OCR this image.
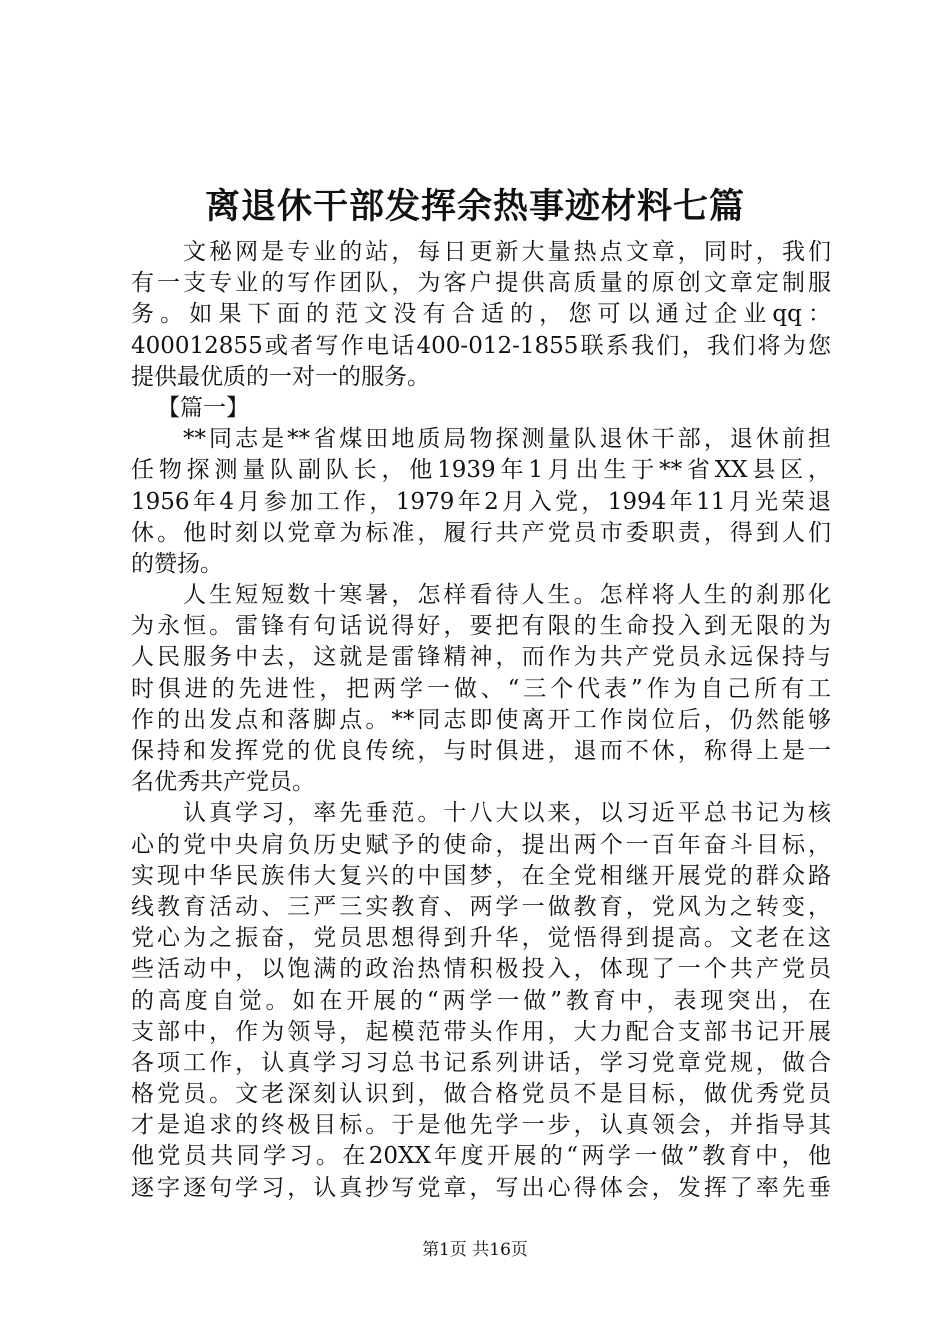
离退休干部发挥余热事迹材料七篇
文秘网是专业的站，每日更新大量热点文章，同时，我们
有一支专业的写作团队，为客户提供高质量的原创文章定制服
务。如果下面的范文没有合适的，您可以通过企业qq：
400012855或者写作电话400-012-1855联系我们，我们将为您
提供最优质的一对一的服务。
【篇一】
**同志是**省煤田地质局物探测量队退休干部，退休前担
任物探测量队副队长，他1939年1月出生于**省XX县区，
1956年4月参加工作，1979年2月入党，1994年11月光荣退
休。他时刻以党章为标准，履行共产党员市委职责，得到人们
的赞扬。
人生短短数十寒暑，怎样看待人生。怎样将人生的刹那化
为永恒。雷锋有句话说得好，要把有限的生命投入到无限的为
人民服务中去，这就是雷锋精神，而作为共产党员永远保持与
时俱进的先进性，把两学一做、“三个代表”作为自己所有工
作的出发点和落脚点。**同志即使离开工作岗位后，仍然能够
保持和发挥党的优良传统，与时俱进，退而不休，称得上是一
名优秀共产党员。
认真学习，率先垂范。十八大以来，以习近平总书记为核
心的党中央肩负历史赋予的使命，提出两个一百年奋斗目标，
实现中华民族伟大复兴的中国梦，在全党相继开展党的群众路
线教育活动、三严三实教育、两学一做教育，党风为之转变，
党心为之振奋，党员思想得到升华，觉悟得到提高。文老在这
些活动中，以饱满的政治热情积极投入，体现了一个共产党员
的高度自觉。如在开展的“两学一做”教育中，表现突出，在
支部中，作为领导，起模范带头作用，大力配合支部书记开展
各项工作，认真学习习总书记系列讲话，学习党章党规，做合
格党员。文老深刻认识到，做合格党员不是目标，做优秀党员
才是追求的终极目标。于是他先学一步，认真领会，并指导其
他党员共同学习。在20XX年度开展的“两学一做”教育中，他
逐字逐句学习，认真抄写党章，写出心得体会，发挥了率先垂
第1页 共16页
